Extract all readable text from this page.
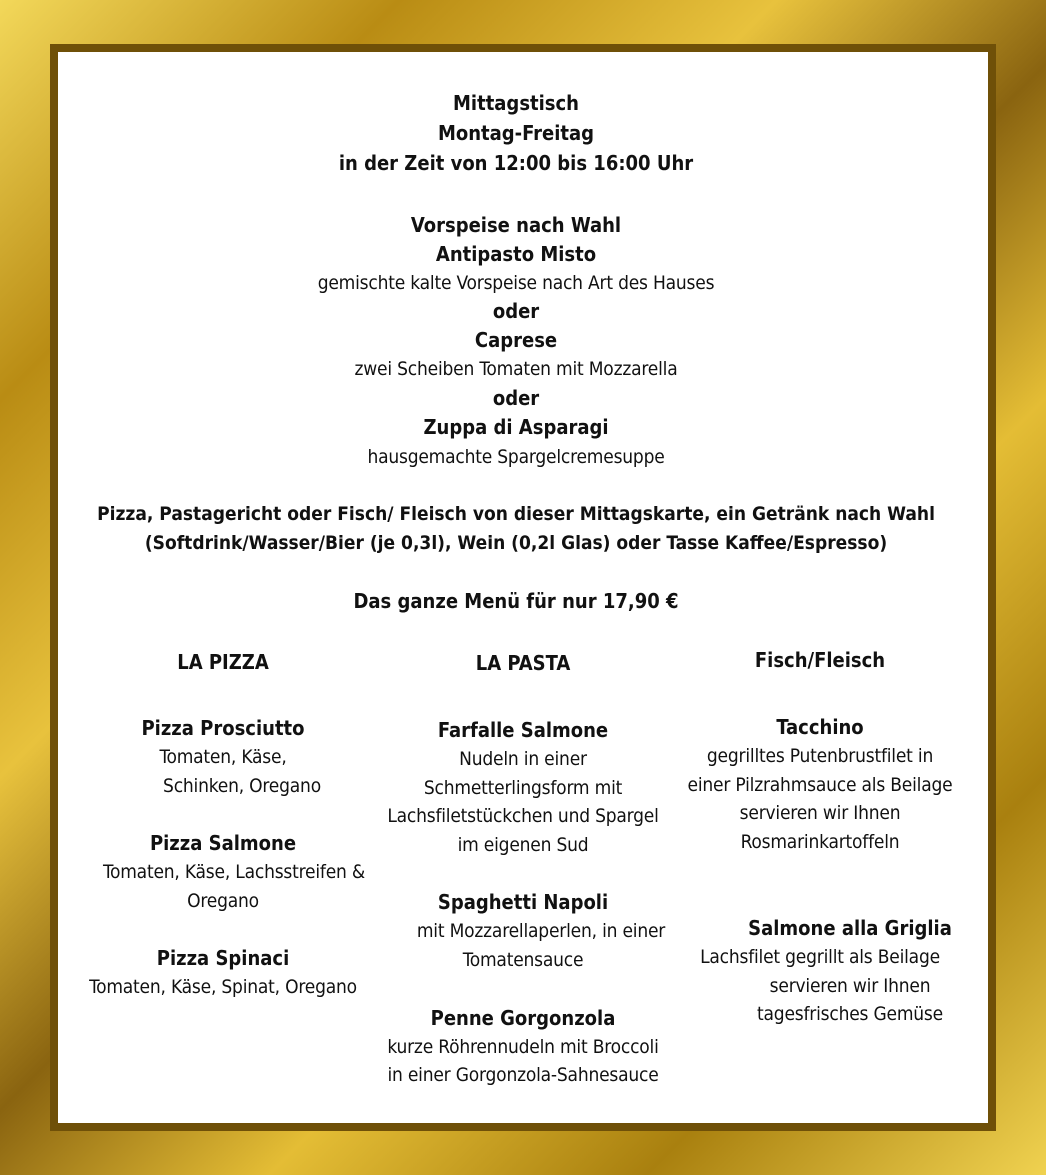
Mittagstisch
Montag-Freitag
in der Zeit von 12:00 bis 16:00 Uhr
Vorspeise nach Wahl
Antipasto Misto
gemischte kalte Vorspeise nach Art des Hauses
oder
Caprese
zwei Scheiben Tomaten mit Mozzarella
oder
Zuppa di Asparagi
hausgemachte Spargelcremesuppe
Pizza, Pastagericht oder Fisch/ Fleisch von dieser Mittagskarte, ein Getränk nach Wahl
(Softdrink/Wasser/Bier (je 0,3l), Wein (0,2l Glas) oder Tasse Kaffee/Espresso)
Das ganze Menü für nur 17,90 €
LA PIZZA
Pizza Prosciutto
Tomaten, Käse,
Schinken, Oregano
Pizza Salmone
Tomaten, Käse, Lachsstreifen &
Oregano
Pizza Spinaci
Tomaten, Käse, Spinat, Oregano
LA PASTA
Farfalle Salmone
Nudeln in einer
Schmetterlingsform mit
Lachsfiletstückchen und Spargel
im eigenen Sud
Spaghetti Napoli
mit Mozzarellaperlen, in einer
Tomatensauce
Penne Gorgonzola
kurze Röhrennudeln mit Broccoli
in einer Gorgonzola-Sahnesauce
Fisch/Fleisch
Tacchino
gegrilltes Putenbrustfilet in
einer Pilzrahmsauce als Beilage
servieren wir Ihnen
Rosmarinkartoffeln
Salmone alla Griglia
Lachsfilet gegrillt als Beilage
servieren wir Ihnen
tagesfrisches Gemüse
